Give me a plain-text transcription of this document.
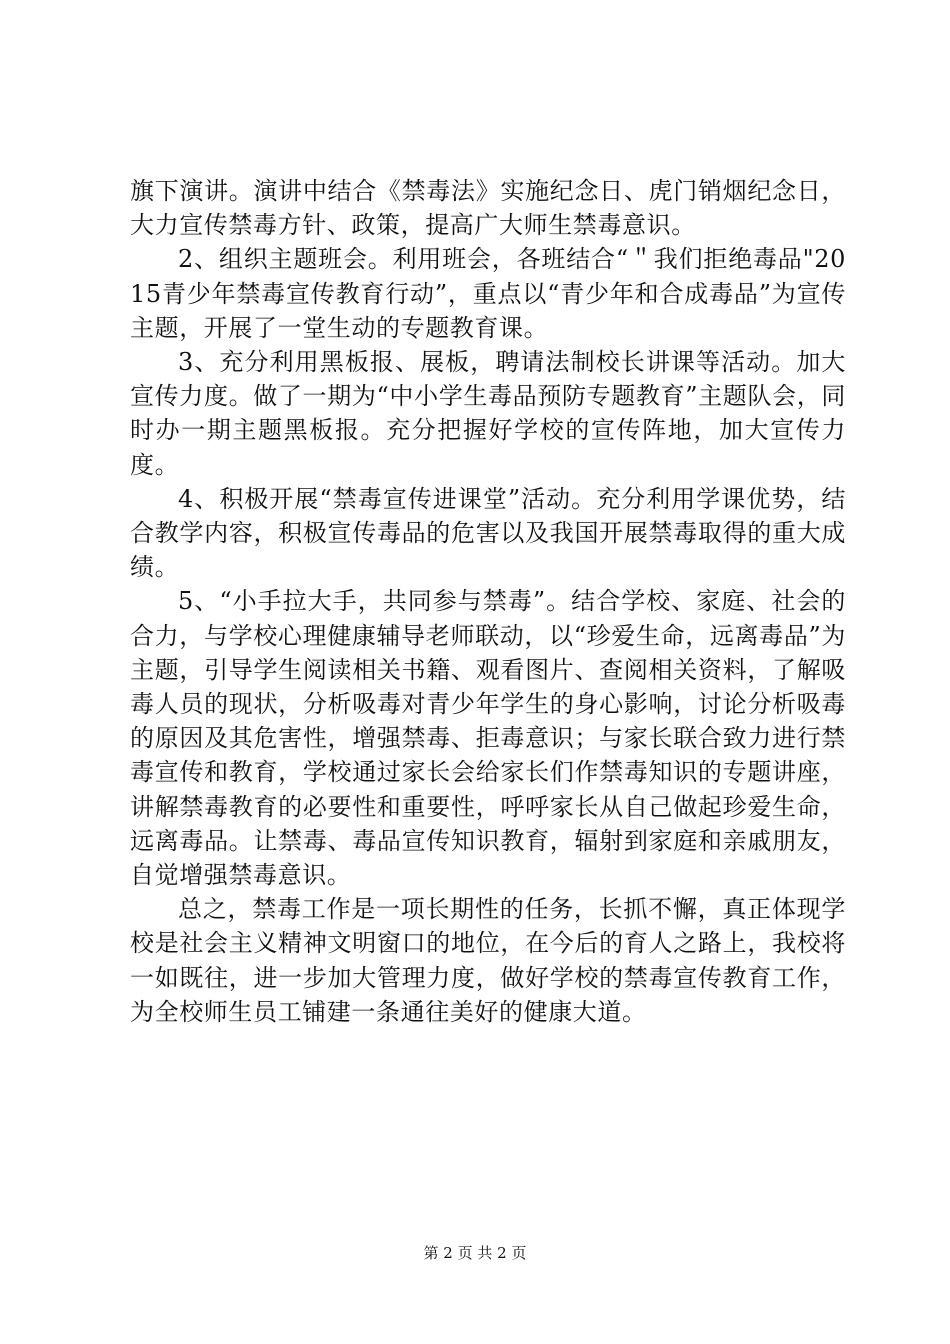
旗下演讲。演讲中结合《禁毒法》实施纪念日、虎门销烟纪念日，大力宣传禁毒方针、政策，提高广大师生禁毒意识。

2、组织主题班会。利用班会，各班结合“＂我们拒绝毒品"2015青少年禁毒宣传教育行动”，重点以“青少年和合成毒品”为宣传主题，开展了一堂生动的专题教育课。

3、充分利用黑板报、展板，聘请法制校长讲课等活动。加大宣传力度。做了一期为“中小学生毒品预防专题教育”主题队会，同时办一期主题黑板报。充分把握好学校的宣传阵地，加大宣传力度。

4、积极开展“禁毒宣传进课堂”活动。充分利用学课优势，结合教学内容，积极宣传毒品的危害以及我国开展禁毒取得的重大成绩。

5、“小手拉大手，共同参与禁毒”。结合学校、家庭、社会的合力，与学校心理健康辅导老师联动，以“珍爱生命，远离毒品”为主题，引导学生阅读相关书籍、观看图片、查阅相关资料，了解吸毒人员的现状，分析吸毒对青少年学生的身心影响，讨论分析吸毒的原因及其危害性，增强禁毒、拒毒意识；与家长联合致力进行禁毒宣传和教育，学校通过家长会给家长们作禁毒知识的专题讲座，讲解禁毒教育的必要性和重要性，呼呼家长从自己做起珍爱生命，远离毒品。让禁毒、毒品宣传知识教育，辐射到家庭和亲戚朋友，自觉增强禁毒意识。

总之，禁毒工作是一项长期性的任务，长抓不懈，真正体现学校是社会主义精神文明窗口的地位，在今后的育人之路上，我校将一如既往，进一步加大管理力度，做好学校的禁毒宣传教育工作，为全校师生员工铺建一条通往美好的健康大道。

第 2 页 共 2 页
